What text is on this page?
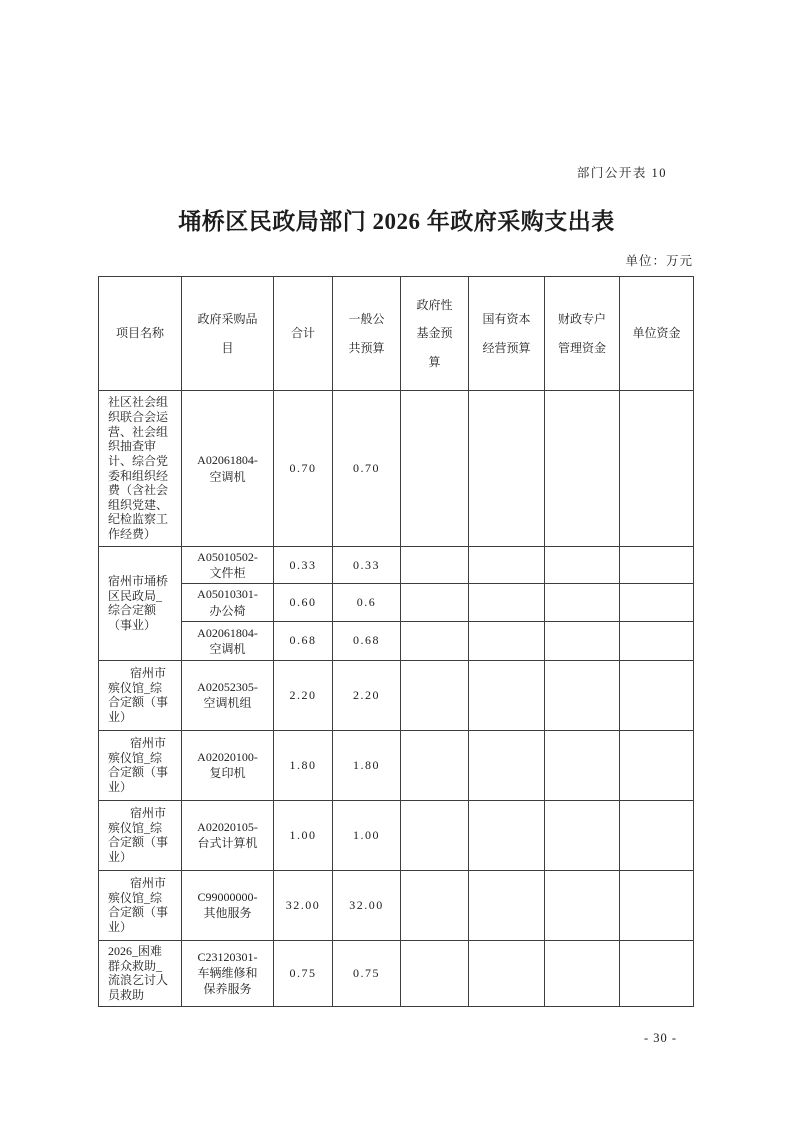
部门公开表 10
埇桥区民政局部门 2026 年政府采购支出表
单位：万元
项目名称	政府采购品目	合计	一般公共预算	政府性基金预算	国有资本经营预算	财政专户管理资金	单位资金
社区社会组织联合会运营、社会组织抽查审计、综合党委和组织经费（含社会组织党建、纪检监察工作经费）	A02061804-空调机	0.70	0.70				
宿州市埇桥区民政局_综合定额（事业）	A05010502-文件柜	0.33	0.33				
	A05010301-办公椅	0.60	0.6				
	A02061804-空调机	0.68	0.68				
宿州市殡仪馆_综合定额（事业）	A02052305-空调机组	2.20	2.20				
宿州市殡仪馆_综合定额（事业）	A02020100-复印机	1.80	1.80				
宿州市殡仪馆_综合定额（事业）	A02020105-台式计算机	1.00	1.00				
宿州市殡仪馆_综合定额（事业）	C99000000-其他服务	32.00	32.00				
2026_困难群众救助_流浪乞讨人员救助	C23120301-车辆维修和保养服务	0.75	0.75				
- 30 -
